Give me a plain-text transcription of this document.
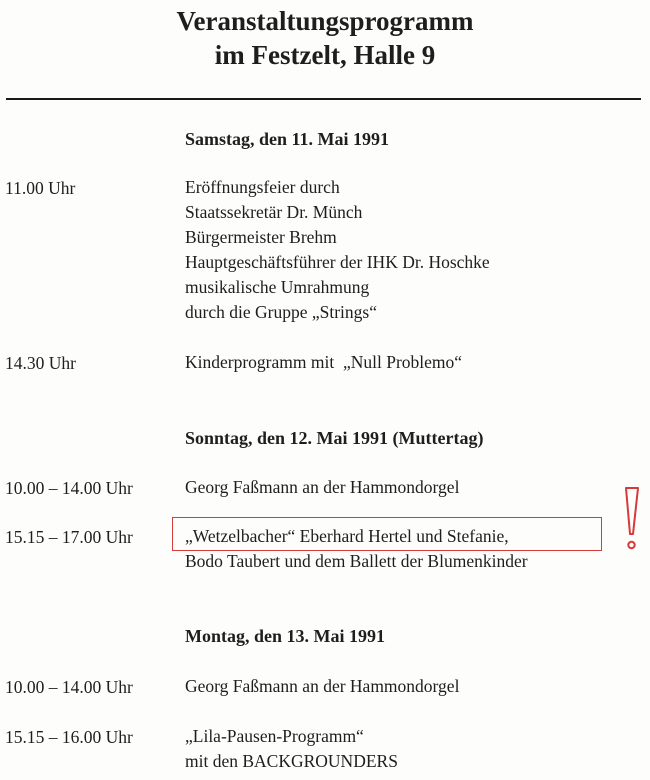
Veranstaltungsprogramm
im Festzelt, Halle 9
Samstag, den 11. Mai 1991
11.00 Uhr	Eröffnungsfeier durch
Staatssekretär Dr. Münch
Bürgermeister Brehm
Hauptgeschäftsführer der IHK Dr. Hoschke
musikalische Umrahmung
durch die Gruppe „Strings“
14.30 Uhr	Kinderprogramm mit  „Null Problemo“
Sonntag, den 12. Mai 1991 (Muttertag)
10.00 – 14.00 Uhr	Georg Faßmann an der Hammondorgel
15.15 – 17.00 Uhr	„Wetzelbacher“ Eberhard Hertel und Stefanie,
Bodo Taubert und dem Ballett der Blumenkinder
Montag, den 13. Mai 1991
10.00 – 14.00 Uhr	Georg Faßmann an der Hammondorgel
15.15 – 16.00 Uhr	„Lila-Pausen-Programm“
mit den BACKGROUNDERS
